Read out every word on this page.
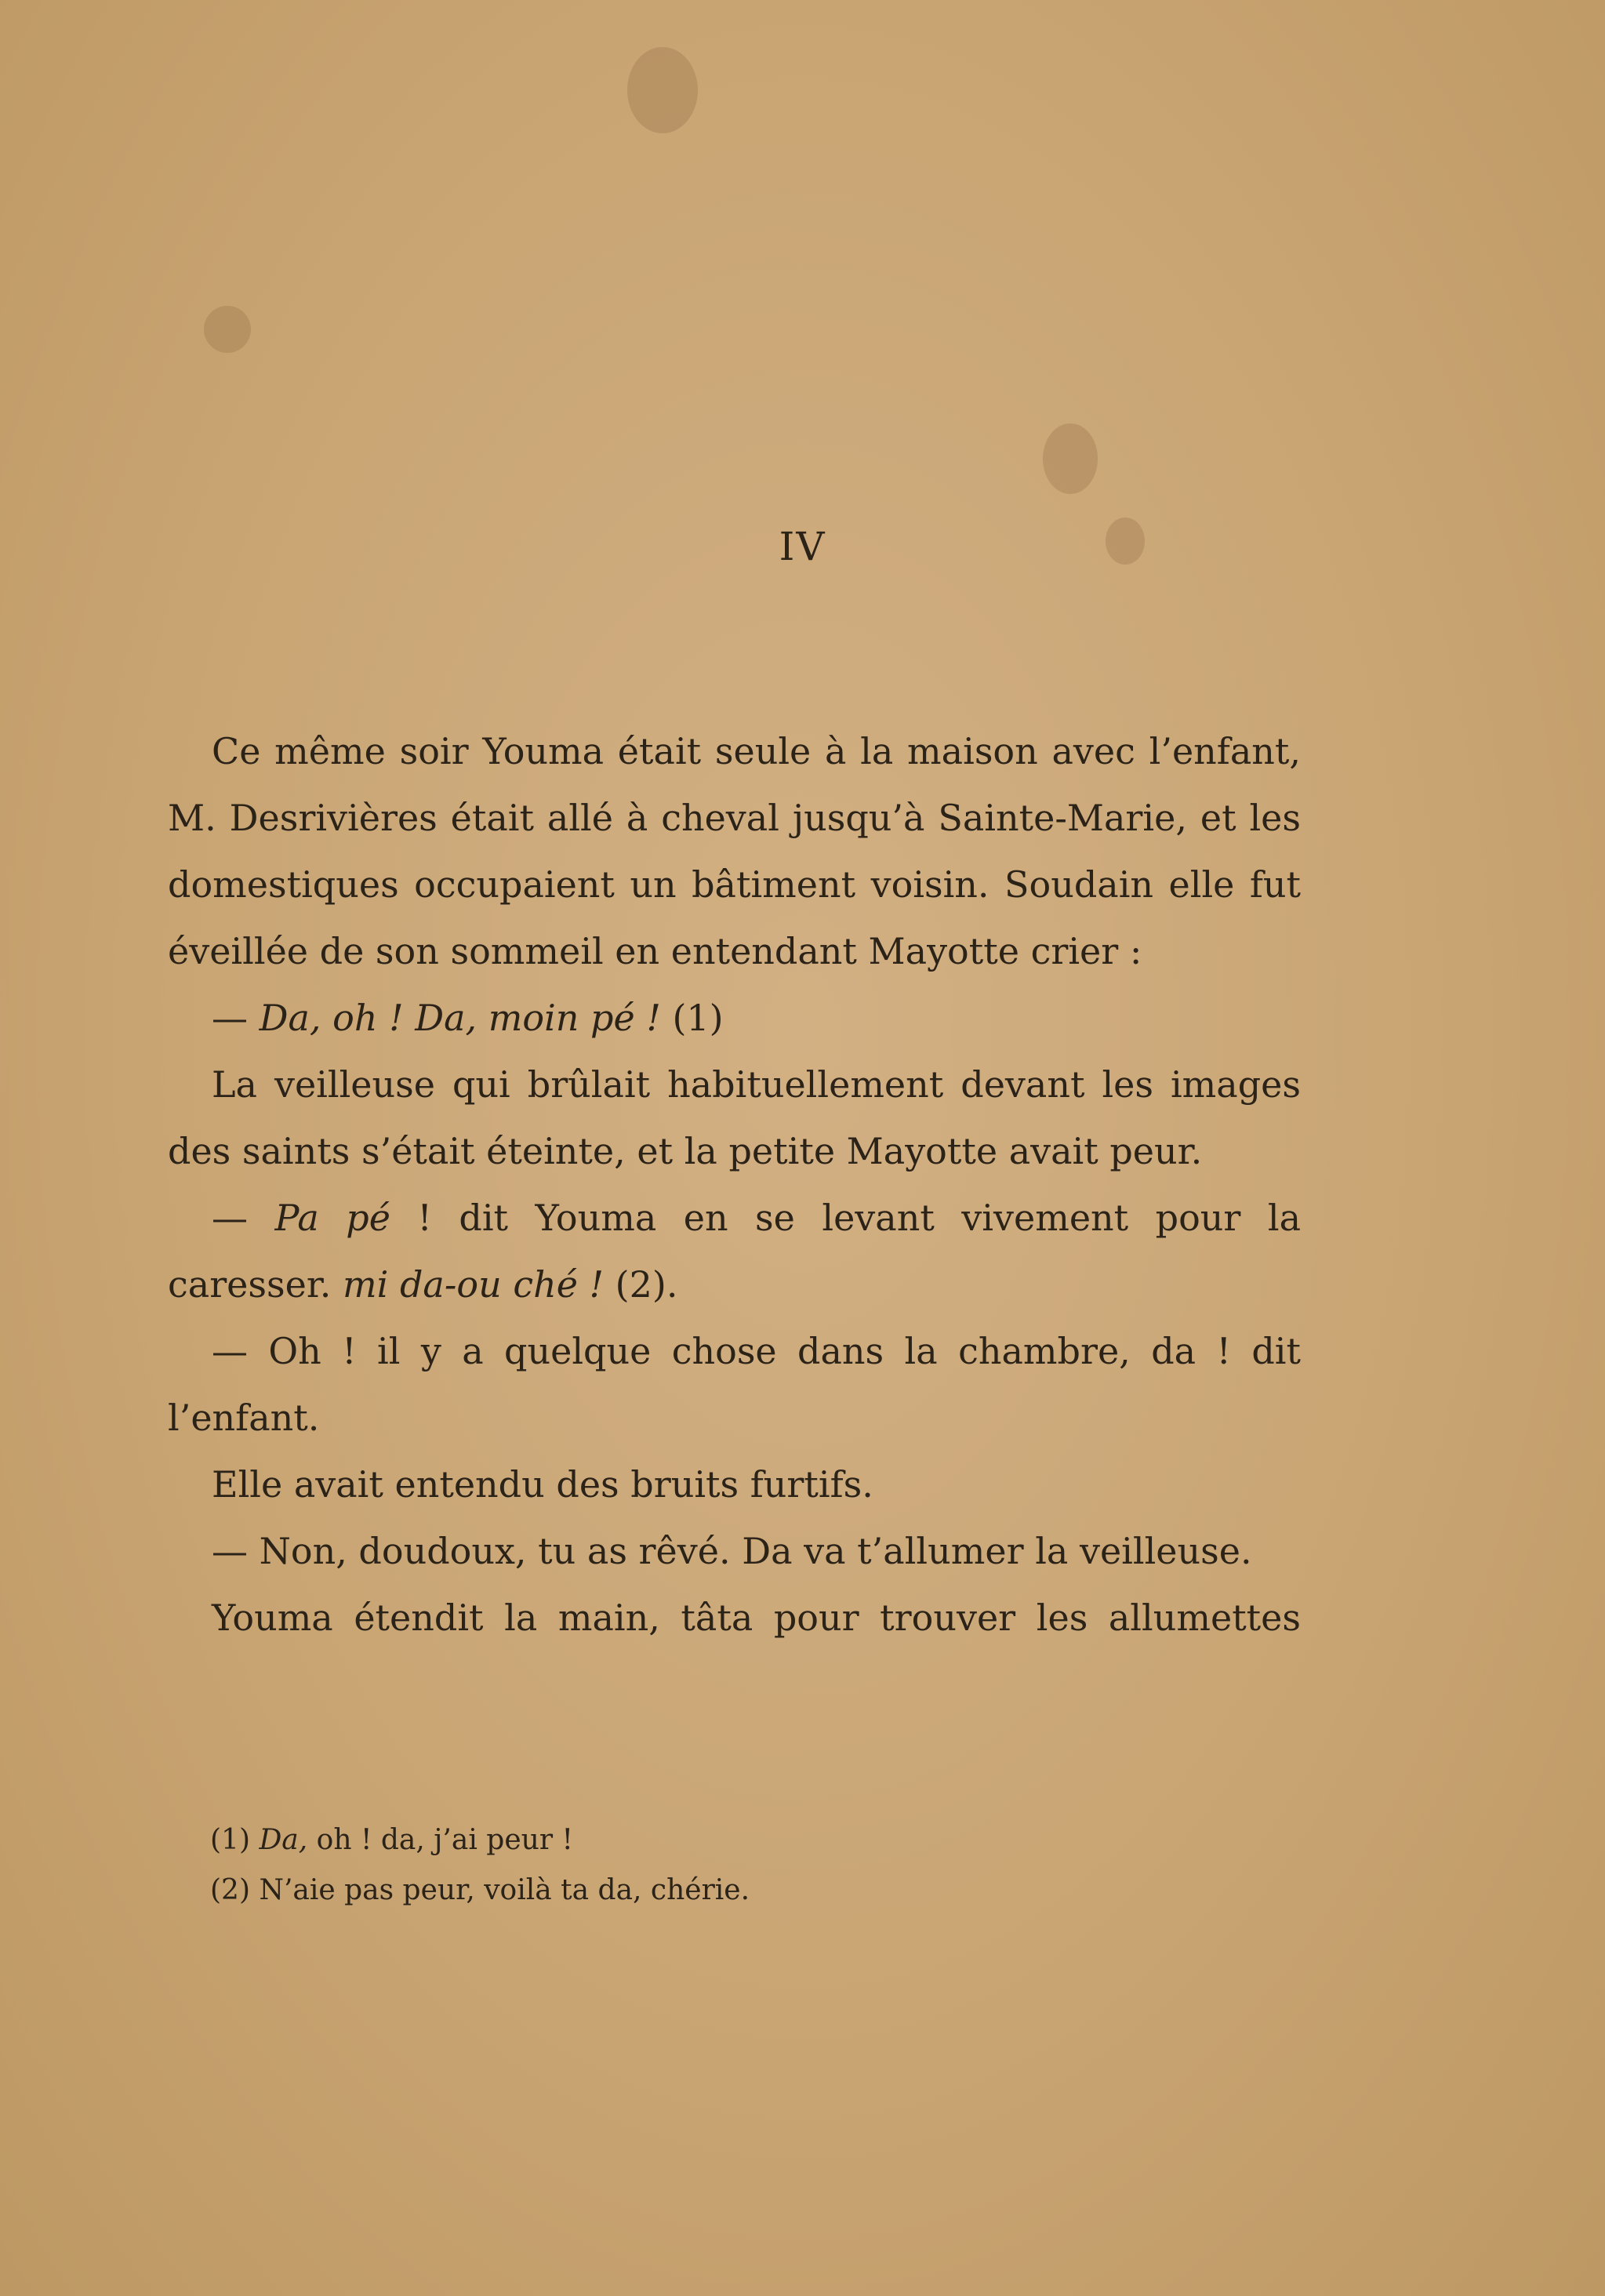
IV

Ce même soir Youma était seule à la maison avec l’enfant, M. Desrivières était allé à cheval jusqu’à Sainte-Marie, et les domestiques occupaient un bâtiment voisin. Soudain elle fut éveillée de son sommeil en entendant Mayotte crier :

— Da, oh ! Da, moin pé ! (1)

La veilleuse qui brûlait habituellement devant les images des saints s’était éteinte, et la petite Mayotte avait peur.

— Pa pé ! dit Youma en se levant vivement pour la caresser. mi da-ou ché ! (2).

— Oh ! il y a quelque chose dans la chambre, da ! dit l’enfant.

Elle avait entendu des bruits furtifs.

— Non, doudoux, tu as rêvé. Da va t’allumer la veilleuse.

Youma étendit la main, tâta pour trouver les allumettes

(1) Da, oh ! da, j’ai peur !
(2) N’aie pas peur, voilà ta da, chérie.
